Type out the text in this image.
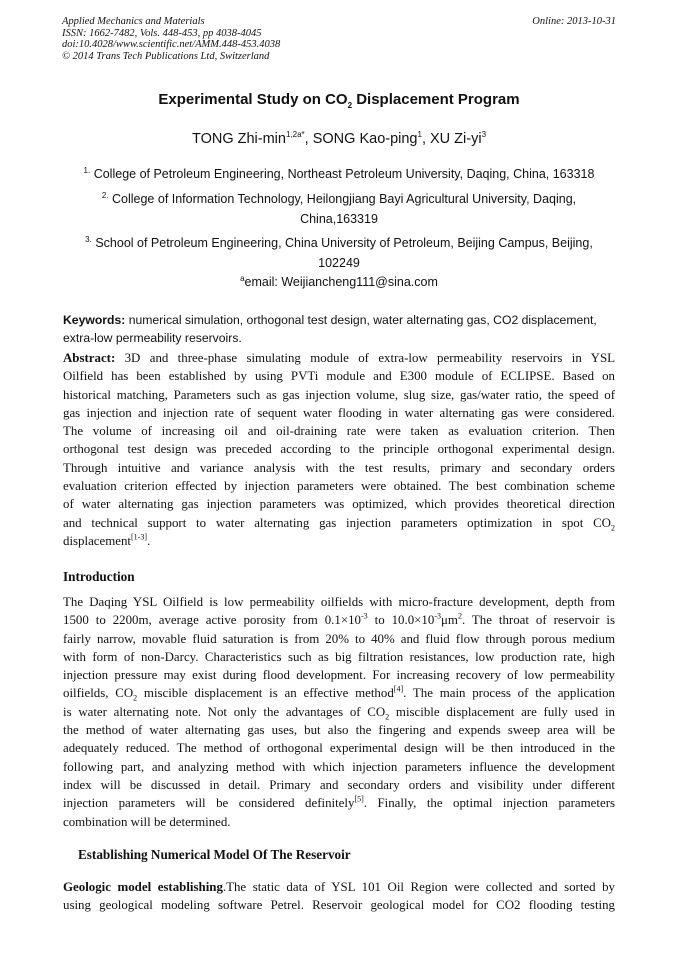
Applied Mechanics and Materials
ISSN: 1662-7482, Vols. 448-453, pp 4038-4045
doi:10.4028/www.scientific.net/AMM.448-453.4038
© 2014 Trans Tech Publications Ltd, Switzerland
Online: 2013-10-31
Experimental Study on $CO_2$ Displacement Program
TONG Zhi-$\min^{1,2a*}$, SONG Kao-ping$^1$, XU $Zi-yi^3$
$^{1.}$ College of Petroleum Engineering, Northeast Petroleum University, Daqing, China, 163318
$^{2.}$ College of Information Technology, Heilongjiang Bayi Agricultural University, Daqing,
China,163319
$^{3.}$ School of Petroleum Engineering, China University of Petroleum, Beijing Campus, Beijing,
102249
$^a$email: Weijiancheng111@sina.com
Keywords: numerical simulation, orthogonal test design, water alternating gas, CO2 displacement,
extra-low permeability reservoirs.
Abstract: 3D and three-phase simulating module of extra-low permeability reservoirs in YSL
Oilfield has been established by using PVTi module and E300 module of ECLIPSE. Based on
historical matching, Parameters such as gas injection volume, slug size, gas/water ratio, the speed of
gas injection and injection rate of sequent water flooding in water alternating gas were considered.
The volume of increasing oil and oil-draining rate were taken as evaluation criterion. Then
orthogonal test design was preceded according to the principle orthogonal experimental design.
Through intuitive and variance analysis with the test results, primary and secondary orders
evaluation criterion effected by injection parameters were obtained. The best combination scheme
of water alternating gas injection parameters was optimized, which provides theoretical direction
and technical support to water alternating gas injection parameters optimization in spot $CO_2$
displacement[1-3].
Introduction
The Daqing YSL Oilfield is low permeability oilfields with micro-fracture development, depth from
1500 to 2200m, average active porosity from $0.1\times 10^{-3}$ to $10.0\times 10^{-3}\mu m^2$. The throat of reservoir is
fairly narrow, movable fluid saturation is from 20% to 40% and fluid flow through porous medium
with form of non-Darcy. Characteristics such as big filtration resistances, low production rate, high
injection pressure may exist during flood development. For increasing recovery of low permeability
oilfields, $CO_2$ miscible displacement is an effective method[4]. The main process of the application
is water alternating note. Not only the advantages of $CO_2$ miscible displacement are fully used in
the method of water alternating gas uses, but also the fingering and expends sweep area will be
adequately reduced. The method of orthogonal experimental design will be then introduced in the
following part, and analyzing method with which injection parameters influence the development
index will be discussed in detail. Primary and secondary orders and visibility under different
injection parameters will be considered definitely[5]. Finally, the optimal injection parameters
combination will be determined.
Establishing Numerical Model Of The Reservoir
Geologic model establishing.The static data of YSL 101 Oil Region were collected and sorted by
using geological modeling software Petrel. Reservoir geological model for CO2 flooding testing
